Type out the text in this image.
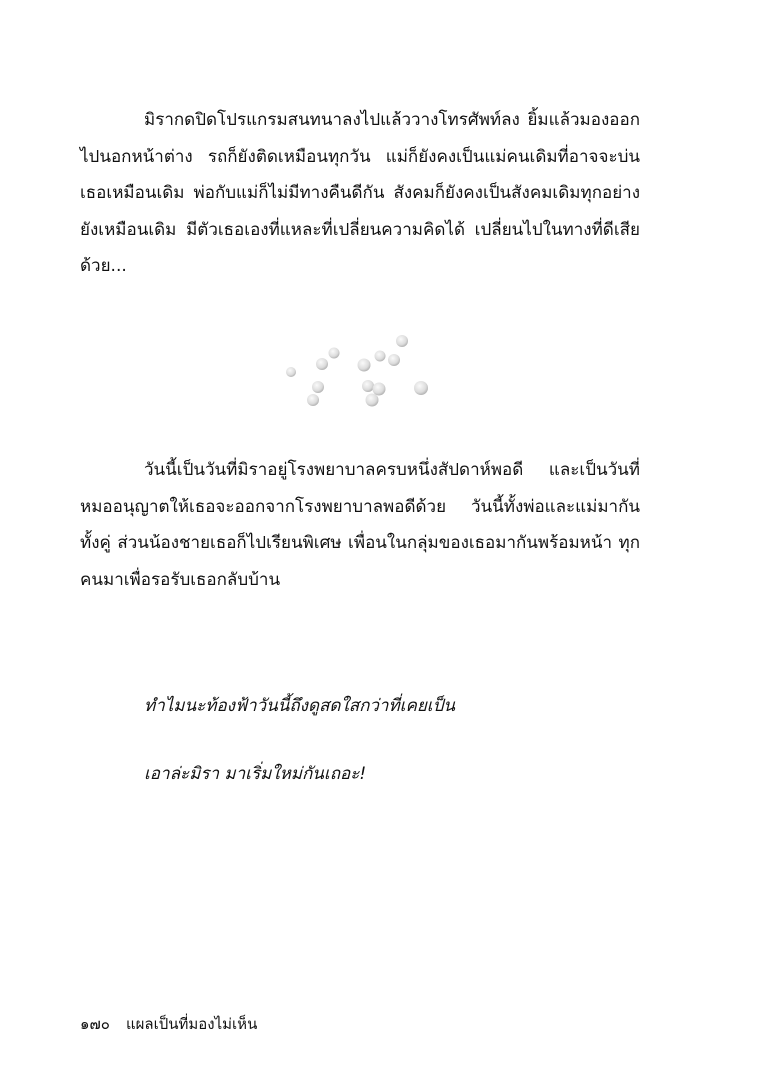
มิรากดปิดโปรแกรมสนทนาลงไปแล้ววางโทรศัพท์ลง ยิ้มแล้วมองออกไปนอกหน้าต่าง รถก็ยังติดเหมือนทุกวัน แม่ก็ยังคงเป็นแม่คนเดิมที่อาจจะบ่นเธอเหมือนเดิม พ่อกับแม่ก็ไม่มีทางคืนดีกัน สังคมก็ยังคงเป็นสังคมเดิมทุกอย่างยังเหมือนเดิม มีตัวเธอเองที่แหละที่เปลี่ยนความคิดได้ เปลี่ยนไปในทางที่ดีเสียด้วย...

วันนี้เป็นวันที่มิราอยู่โรงพยาบาลครบหนึ่งสัปดาห์พอดี และเป็นวันที่หมออนุญาตให้เธอจะออกจากโรงพยาบาลพอดีด้วย วันนี้ทั้งพ่อและแม่มากันทั้งคู่ ส่วนน้องชายเธอก็ไปเรียนพิเศษ เพื่อนในกลุ่มของเธอมากันพร้อมหน้า ทุกคนมาเพื่อรอรับเธอกลับบ้าน

ทำไมนะท้องฟ้าวันนี้ถึงดูสดใสกว่าที่เคยเป็น

เอาล่ะมิรา มาเริ่มใหม่กันเถอะ!

๑๗๐ แผลเป็นที่มองไม่เห็น
